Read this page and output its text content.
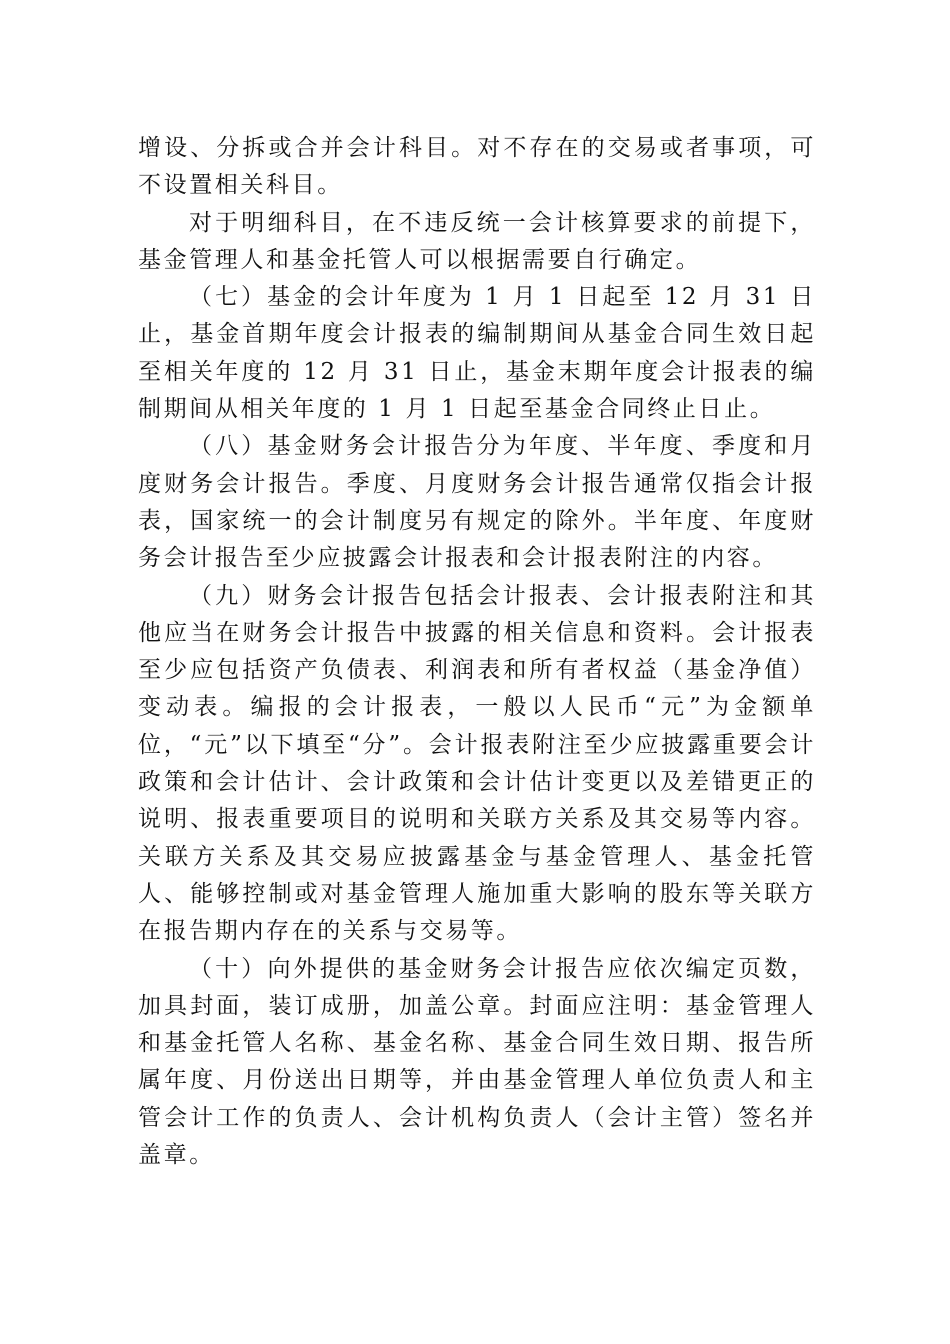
增设、分拆或合并会计科目。对不存在的交易或者事项，可不设置相关科目。

对于明细科目，在不违反统一会计核算要求的前提下，基金管理人和基金托管人可以根据需要自行确定。

（七）基金的会计年度为 1 月 1 日起至 12 月 31 日止，基金首期年度会计报表的编制期间从基金合同生效日起至相关年度的 12 月 31 日止，基金末期年度会计报表的编制期间从相关年度的 1 月 1 日起至基金合同终止日止。

（八）基金财务会计报告分为年度、半年度、季度和月度财务会计报告。季度、月度财务会计报告通常仅指会计报表，国家统一的会计制度另有规定的除外。半年度、年度财务会计报告至少应披露会计报表和会计报表附注的内容。

（九）财务会计报告包括会计报表、会计报表附注和其他应当在财务会计报告中披露的相关信息和资料。会计报表至少应包括资产负债表、利润表和所有者权益（基金净值）变动表。编报的会计报表，一般以人民币“元”为金额单位，“元”以下填至“分”。会计报表附注至少应披露重要会计政策和会计估计、会计政策和会计估计变更以及差错更正的说明、报表重要项目的说明和关联方关系及其交易等内容。关联方关系及其交易应披露基金与基金管理人、基金托管人、能够控制或对基金管理人施加重大影响的股东等关联方在报告期内存在的关系与交易等。

（十）向外提供的基金财务会计报告应依次编定页数，加具封面，装订成册，加盖公章。封面应注明：基金管理人和基金托管人名称、基金名称、基金合同生效日期、报告所属年度、月份送出日期等，并由基金管理人单位负责人和主管会计工作的负责人、会计机构负责人（会计主管）签名并盖章。
